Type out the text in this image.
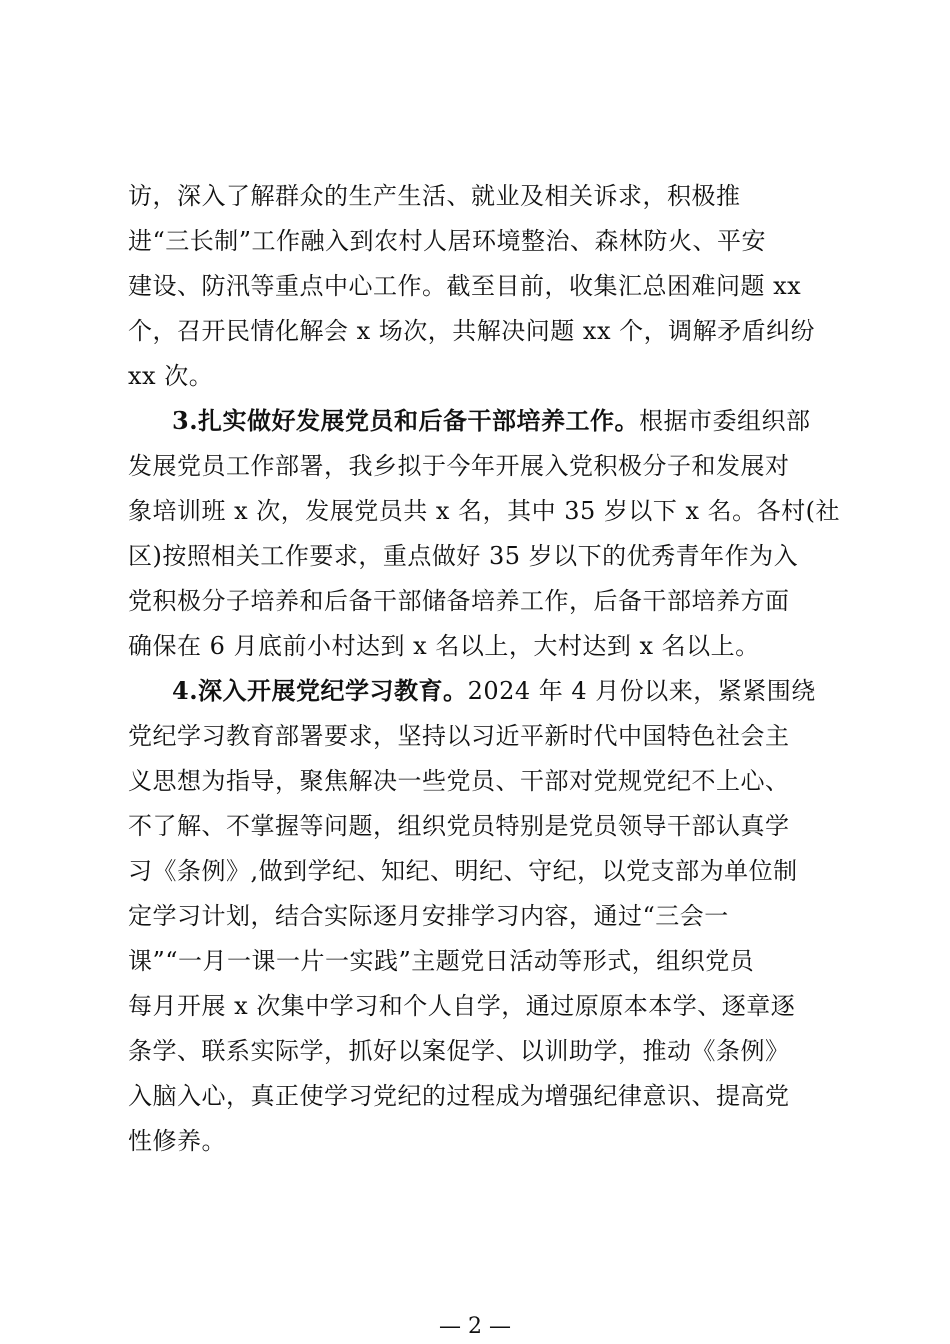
访，深入了解群众的生产生活、就业及相关诉求，积极推
进“三长制”工作融入到农村人居环境整治、森林防火、平安
建设、防汛等重点中心工作。截至目前，收集汇总困难问题 xx
个，召开民情化解会 x 场次，共解决问题 xx 个，调解矛盾纠纷
xx 次。
3.扎实做好发展党员和后备干部培养工作。根据市委组织部
发展党员工作部署，我乡拟于今年开展入党积极分子和发展对
象培训班 x 次，发展党员共 x 名，其中 35 岁以下 x 名。各村(社
区)按照相关工作要求，重点做好 35 岁以下的优秀青年作为入
党积极分子培养和后备干部储备培养工作，后备干部培养方面
确保在 6 月底前小村达到 x 名以上，大村达到 x 名以上。
4.深入开展党纪学习教育。2024 年 4 月份以来，紧紧围绕
党纪学习教育部署要求，坚持以习近平新时代中国特色社会主
义思想为指导，聚焦解决一些党员、干部对党规党纪不上心、
不了解、不掌握等问题，组织党员特别是党员领导干部认真学
习《条例》,做到学纪、知纪、明纪、守纪，以党支部为单位制
定学习计划，结合实际逐月安排学习内容，通过“三会一
课”“一月一课一片一实践”主题党日活动等形式，组织党员
每月开展 x 次集中学习和个人自学，通过原原本本学、逐章逐
条学、联系实际学，抓好以案促学、以训助学，推动《条例》
入脑入心，真正使学习党纪的过程成为增强纪律意识、提高党
性修养。
— 2 —
